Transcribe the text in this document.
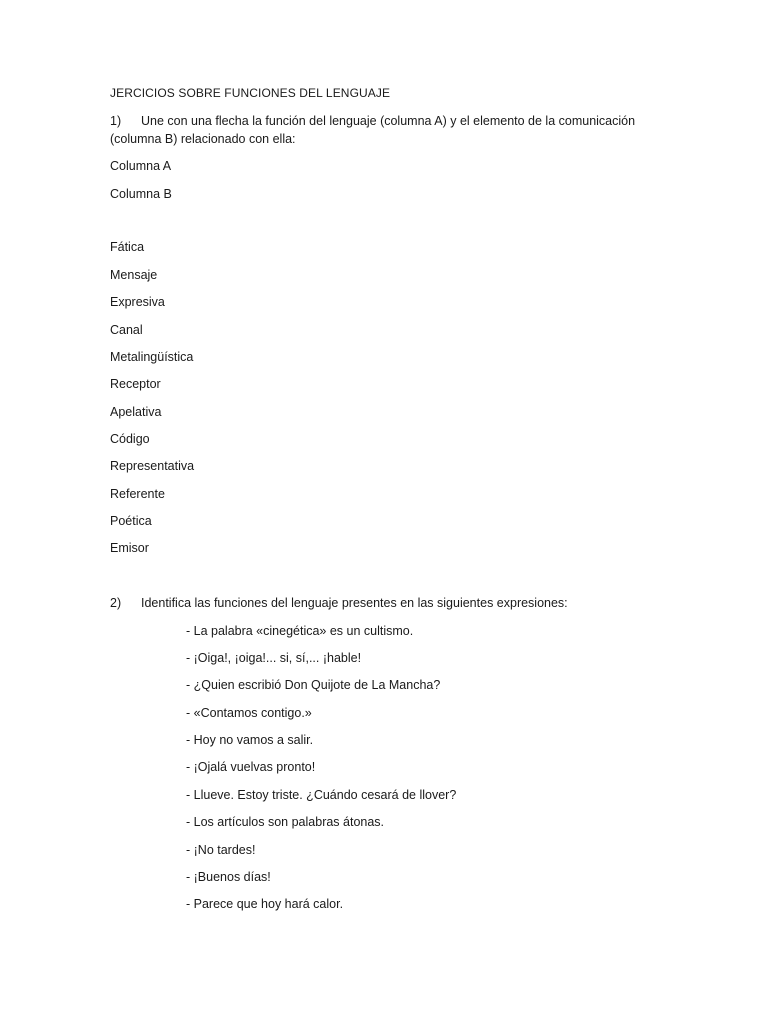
JERCICIOS SOBRE FUNCIONES DEL LENGUAJE
1) Une con una flecha la función del lenguaje (columna A) y el elemento de la comunicación
(columna B) relacionado con ella:
Columna A
Columna B
Fática
Mensaje
Expresiva
Canal
Metalingüística
Receptor
Apelativa
Código
Representativa
Referente
Poética
Emisor
2) Identifica las funciones del lenguaje presentes en las siguientes expresiones:
- La palabra «cinegética» es un cultismo.
- ¡Oiga!, ¡oiga!... si, sí,... ¡hable!
- ¿Quien escribió Don Quijote de La Mancha?
- «Contamos contigo.»
- Hoy no vamos a salir.
- ¡Ojalá vuelvas pronto!
- Llueve. Estoy triste. ¿Cuándo cesará de llover?
- Los artículos son palabras átonas.
- ¡No tardes!
- ¡Buenos días!
- Parece que hoy hará calor.
